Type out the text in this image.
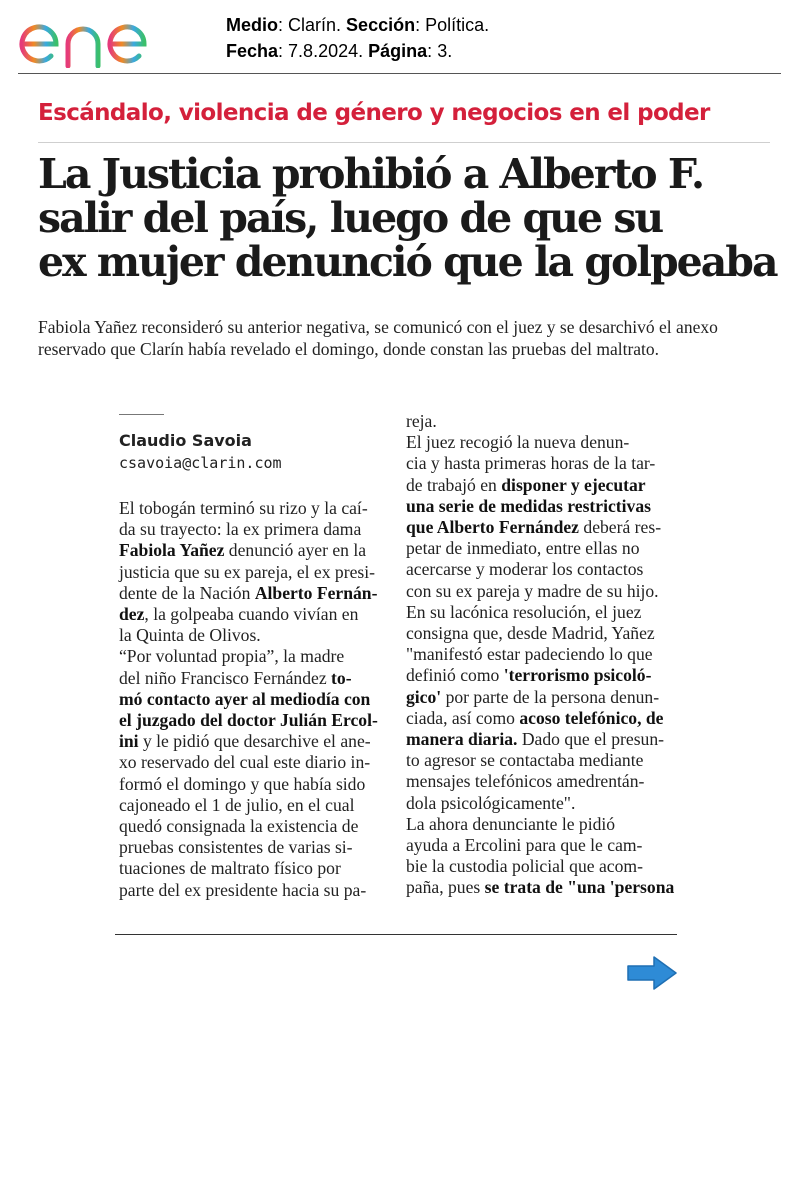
Medio: Clarín. Sección: Política.
Fecha: 7.8.2024. Página: 3.
Escándalo, violencia de género y negocios en el poder
La Justicia prohibió a Alberto F.
salir del país, luego de que su
ex mujer denunció que la golpeaba
Fabiola Yañez reconsideró su anterior negativa, se comunicó con el juez y se desarchivó el anexo
reservado que Clarín había revelado el domingo, donde constan las pruebas del maltrato.
Claudio Savoia
csavoia@clarin.com
El tobogán terminó su rizo y la caí-
da su trayecto: la ex primera dama
Fabiola Yañez denunció ayer en la
justicia que su ex pareja, el ex presi-
dente de la Nación Alberto Fernán-
dez, la golpeaba cuando vivían en
la Quinta de Olivos.
“Por voluntad propia”, la madre
del niño Francisco Fernández to-
mó contacto ayer al mediodía con
el juzgado del doctor Julián Ercol-
ini y le pidió que desarchive el ane-
xo reservado del cual este diario in-
formó el domingo y que había sido
cajoneado el 1 de julio, en el cual
quedó consignada la existencia de
pruebas consistentes de varias si-
tuaciones de maltrato físico por
parte del ex presidente hacia su pa-
reja.
El juez recogió la nueva denun-
cia y hasta primeras horas de la tar-
de trabajó en disponer y ejecutar
una serie de medidas restrictivas
que Alberto Fernández deberá res-
petar de inmediato, entre ellas no
acercarse y moderar los contactos
con su ex pareja y madre de su hijo.
En su lacónica resolución, el juez
consigna que, desde Madrid, Yañez
"manifestó estar padeciendo lo que
definió como 'terrorismo psicoló-
gico' por parte de la persona denun-
ciada, así como acoso telefónico, de
manera diaria. Dado que el presun-
to agresor se contactaba mediante
mensajes telefónicos amedrentán-
dola psicológicamente".
La ahora denunciante le pidió
ayuda a Ercolini para que le cam-
bie la custodia policial que acom-
paña, pues se trata de "una 'persona
